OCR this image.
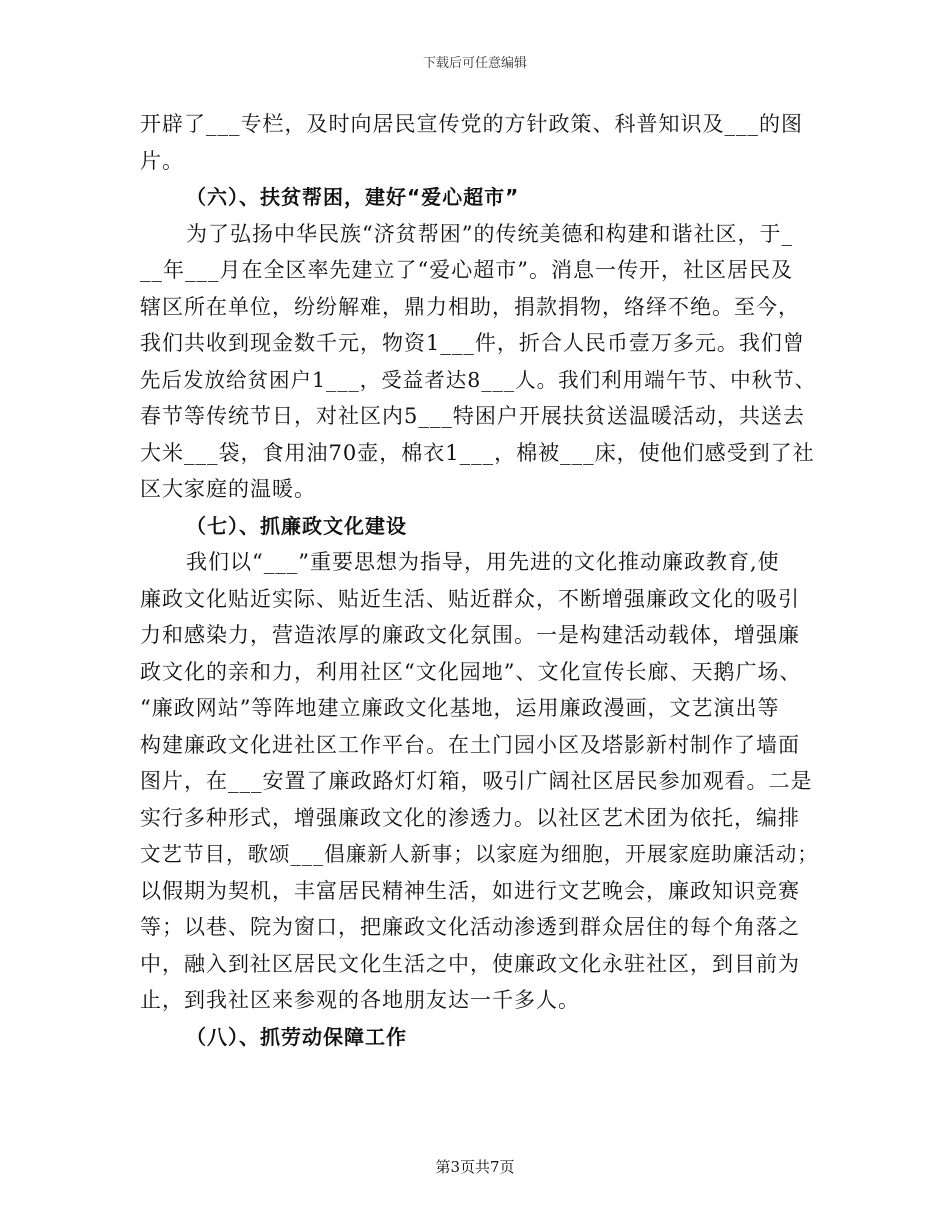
下载后可任意编辑
开辟了___专栏，及时向居民宣传党的方针政策、科普知识及___的图
片。
（六）、扶贫帮困，建好“爱心超市”
为了弘扬中华民族“济贫帮困”的传统美德和构建和谐社区，于_
__年___月在全区率先建立了“爱心超市”。消息一传开，社区居民及
辖区所在单位，纷纷解难，鼎力相助，捐款捐物，络绎不绝。至今，
我们共收到现金数千元，物资1___件，折合人民币壹万多元。我们曾
先后发放给贫困户1___，受益者达8___人。我们利用端午节、中秋节、
春节等传统节日，对社区内5___特困户开展扶贫送温暖活动，共送去
大米___袋，食用油70壶，棉衣1___，棉被___床，使他们感受到了社
区大家庭的温暖。
（七）、抓廉政文化建设
我们以“___”重要思想为指导，用先进的文化推动廉政教育,使
廉政文化贴近实际、贴近生活、贴近群众，不断增强廉政文化的吸引
力和感染力，营造浓厚的廉政文化氛围。一是构建活动载体，增强廉
政文化的亲和力，利用社区“文化园地”、文化宣传长廊、天鹅广场、
“廉政网站”等阵地建立廉政文化基地，运用廉政漫画，文艺演出等
构建廉政文化进社区工作平台。在土门园小区及塔影新村制作了墙面
图片，在___安置了廉政路灯灯箱，吸引广阔社区居民参加观看。二是
实行多种形式，增强廉政文化的渗透力。以社区艺术团为依托，编排
文艺节目，歌颂___倡廉新人新事；以家庭为细胞，开展家庭助廉活动；
以假期为契机，丰富居民精神生活，如进行文艺晚会，廉政知识竞赛
等；以巷、院为窗口，把廉政文化活动渗透到群众居住的每个角落之
中，融入到社区居民文化生活之中，使廉政文化永驻社区，到目前为
止，到我社区来参观的各地朋友达一千多人。
（八）、抓劳动保障工作
第3页共7页
